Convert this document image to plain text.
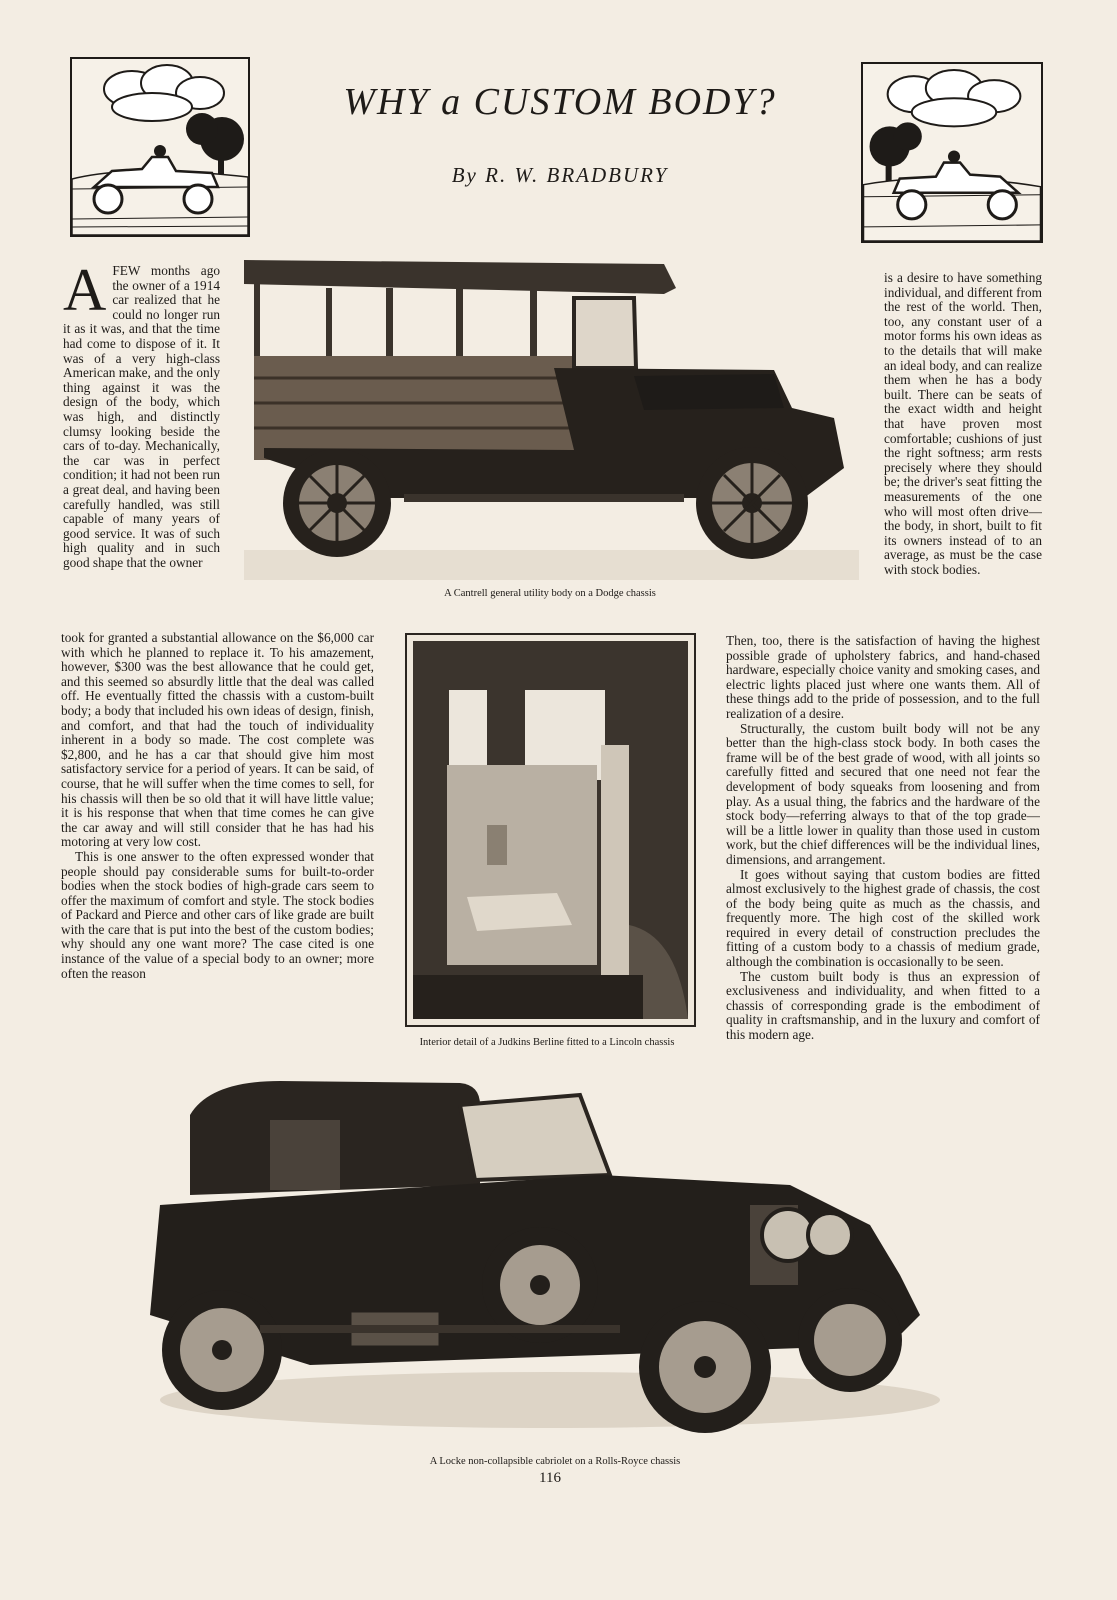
WHY a CUSTOM BODY?
By R. W. BRADBURY

AFEW months ago the owner of a 1914 car realized that he could no longer run it as it was, and that the time had come to dispose of it. It was of a very high-class American make, and the only thing against it was the design of the body, which was high, and distinctly clumsy looking beside the cars of to-day. Mechanically, the car was in perfect condition; it had not been run a great deal, and having been carefully handled, was still capable of many years of good service. It was of such high quality and in such good shape that the owner

took for granted a substantial allowance on the $6,000 car with which he planned to replace it. To his amazement, however, $300 was the best allowance that he could get, and this seemed so absurdly little that the deal was called off. He eventually fitted the chassis with a custom-built body; a body that included his own ideas of design, finish, and comfort, and that had the touch of individuality inherent in a body so made. The cost complete was $2,800, and he has a car that should give him most satisfactory service for a period of years. It can be said, of course, that he will suffer when the time comes to sell, for his chassis will then be so old that it will have little value; it is his response that when that time comes he can give the car away and will still consider that he has had his motoring at very low cost.

This is one answer to the often expressed wonder that people should pay considerable sums for built-to-order bodies when the stock bodies of high-grade cars seem to offer the maximum of comfort and style. The stock bodies of Packard and Pierce and other cars of like grade are built with the care that is put into the best of the custom bodies; why should any one want more? The case cited is one instance of the value of a special body to an owner; more often the reason

A Cantrell general utility body on a Dodge chassis

is a desire to have something individual, and different from the rest of the world. Then, too, any constant user of a motor forms his own ideas as to the details that will make an ideal body, and can realize them when he has a body built. There can be seats of the exact width and height that have proven most comfortable; cushions of just the right softness; arm rests precisely where they should be; the driver's seat fitting the measurements of the one who will most often drive—the body, in short, built to fit its owners instead of to an average, as must be the case with stock bodies.

Then, too, there is the satisfaction of having the highest possible grade of upholstery fabrics, and hand-chased hardware, especially choice vanity and smoking cases, and electric lights placed just where one wants them. All of these things add to the pride of possession, and to the full realization of a desire.

Structurally, the custom built body will not be any better than the high-class stock body. In both cases the frame will be of the best grade of wood, with all joints so carefully fitted and secured that one need not fear the development of body squeaks from loosening and from play. As a usual thing, the fabrics and the hardware of the stock body—referring always to that of the top grade—will be a little lower in quality than those used in custom work, but the chief differences will be the individual lines, dimensions, and arrangement.

It goes without saying that custom bodies are fitted almost exclusively to the highest grade of chassis, the cost of the body being quite as much as the chassis, and frequently more. The high cost of the skilled work required in every detail of construction precludes the fitting of a custom body to a chassis of medium grade, although the combination is occasionally to be seen.

The custom built body is thus an expression of exclusiveness and individuality, and when fitted to a chassis of corresponding grade is the embodiment of quality in craftsmanship, and in the luxury and comfort of this modern age.

Interior detail of a Judkins Berline fitted to a Lincoln chassis
A Locke non-collapsible cabriolet on a Rolls-Royce chassis
116
